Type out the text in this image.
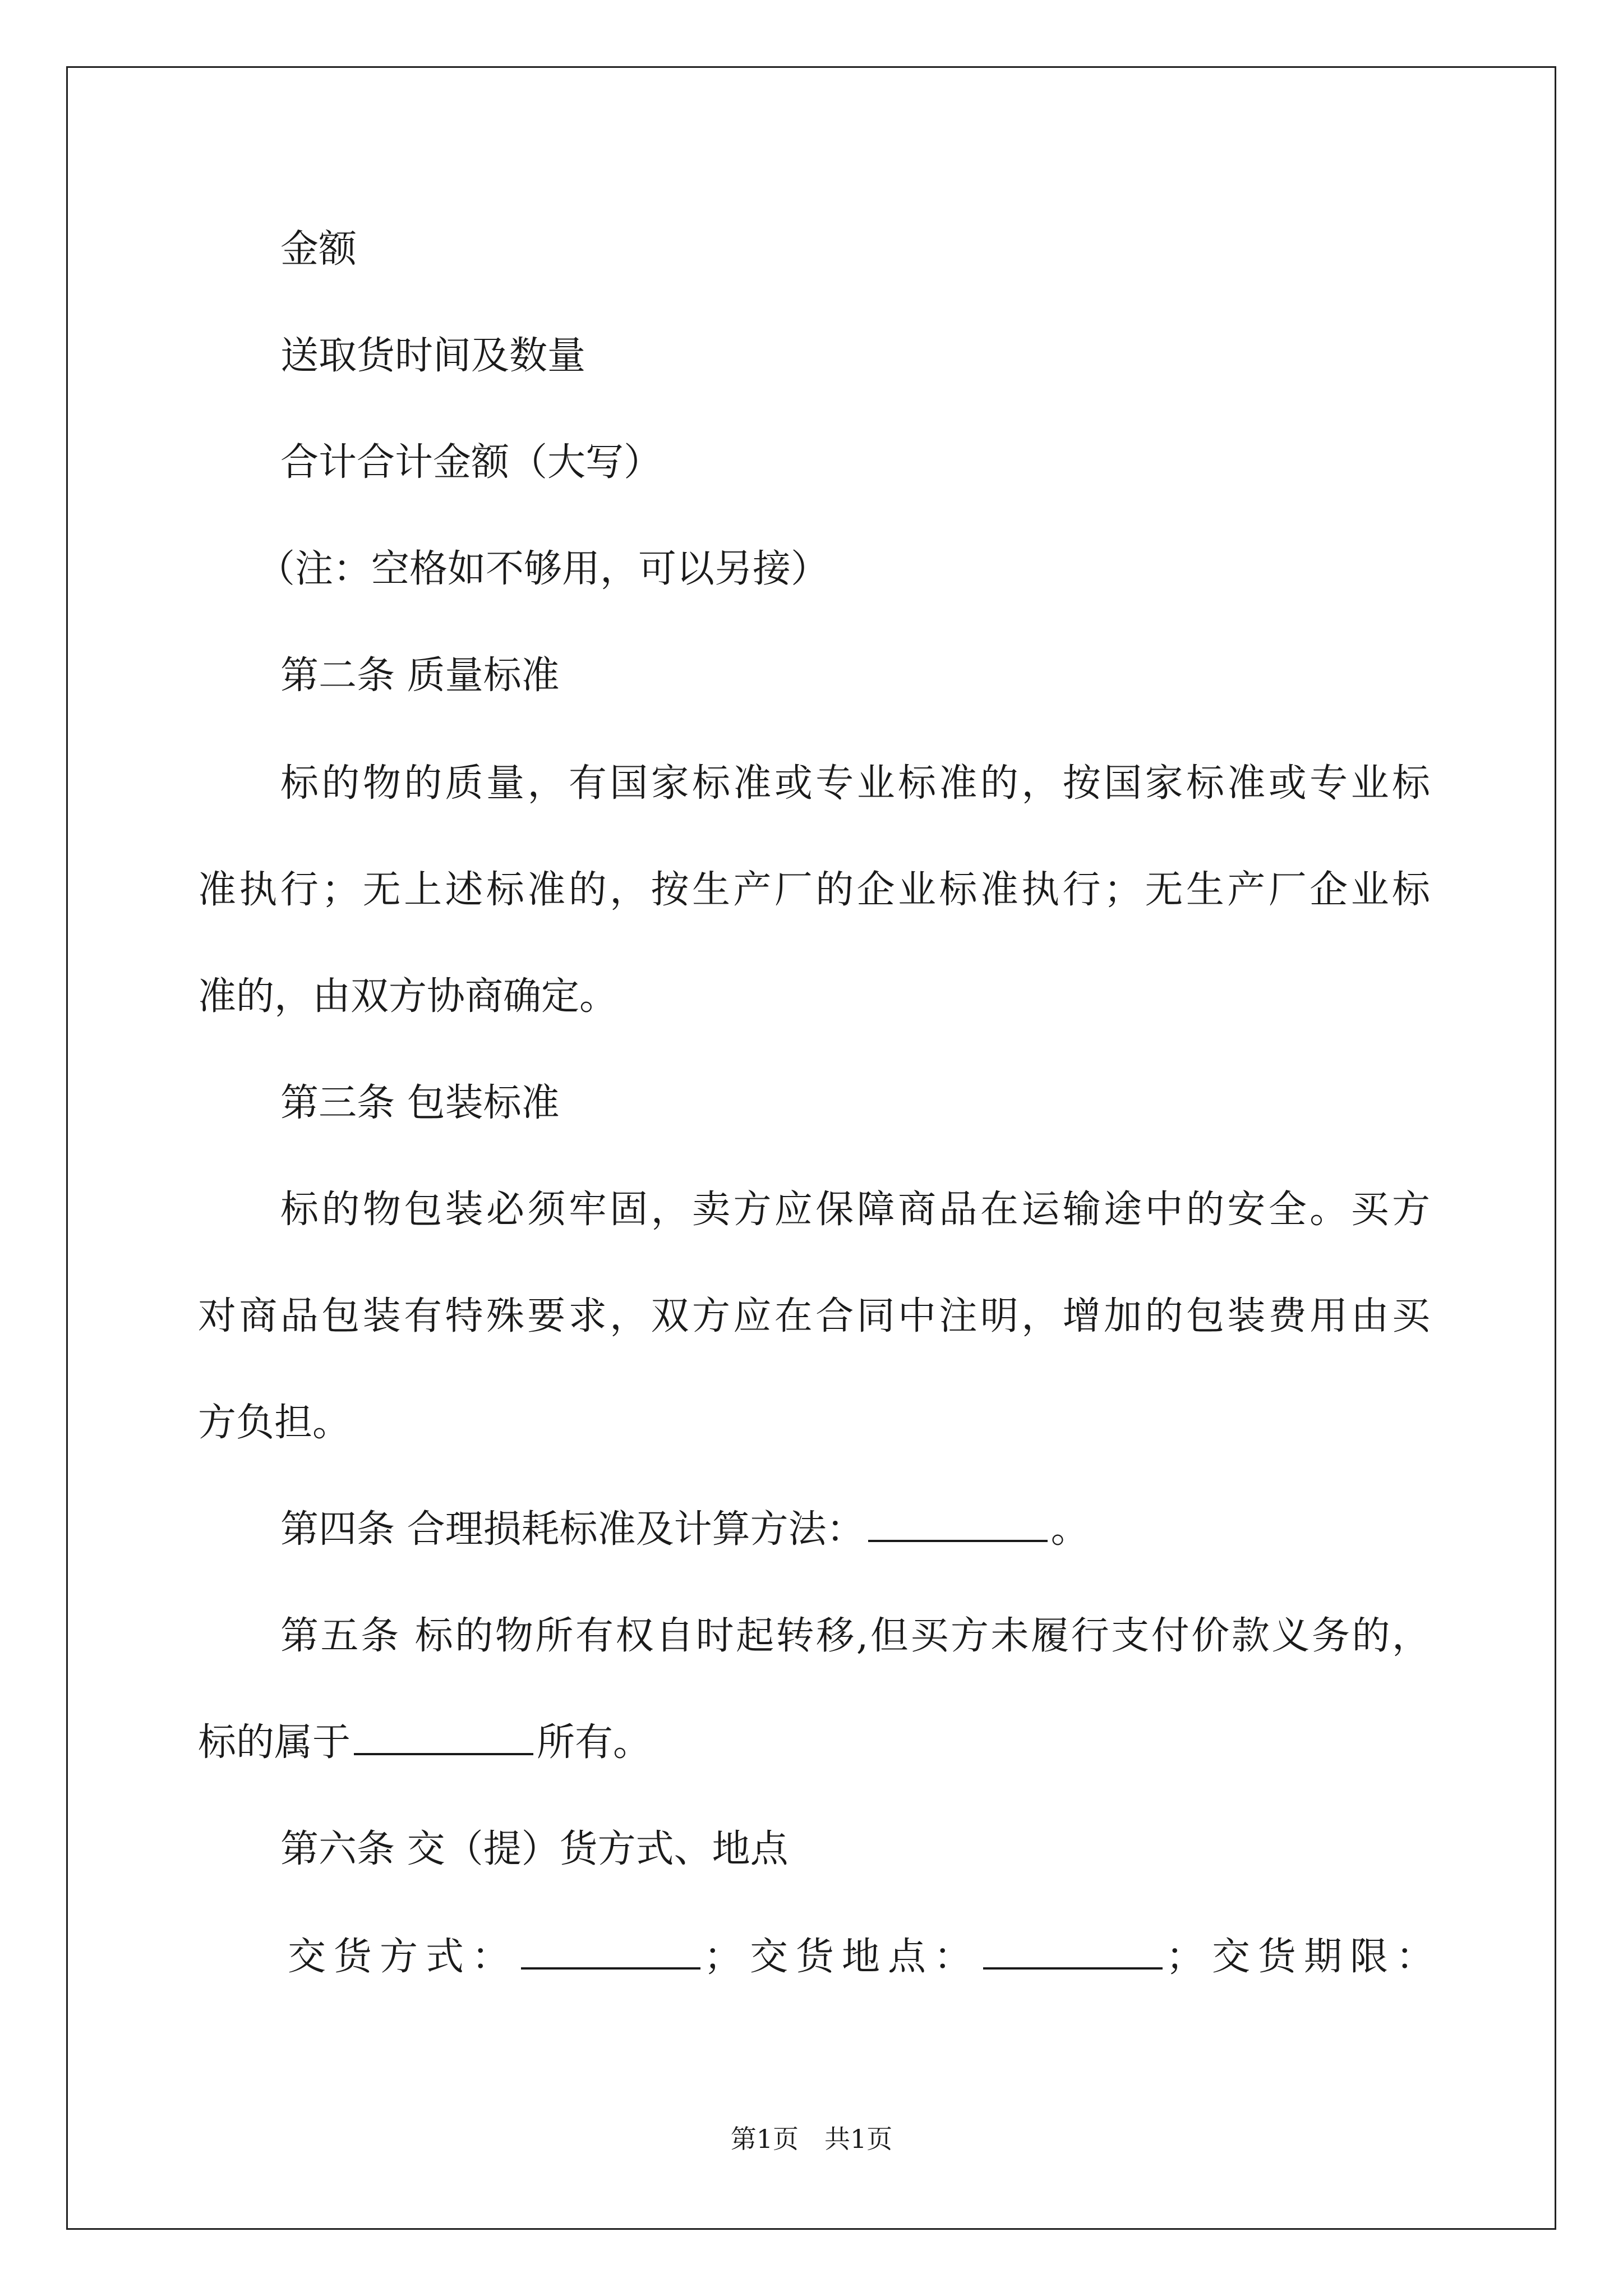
金额
送取货时间及数量
合计合计金额（大写）
（注：空格如不够用，可以另接）
第二条 质量标准
标的物的质量，有国家标准或专业标准的，按国家标准或专业标
准执行；无上述标准的，按生产厂的企业标准执行；无生产厂企业标
准的，由双方协商确定。
第三条 包装标准
标的物包装必须牢固，卖方应保障商品在运输途中的安全。买方
对商品包装有特殊要求，双方应在合同中注明，增加的包装费用由买
方负担。
第四条 合理损耗标准及计算方法：	。
第五条 标的物所有权自时起转移,但买方未履行支付价款义务的，
标的属于	所有。
第六条 交（提）货方式、地点
交货方式：	；交货地点：	；交货期限：
第1页　共1页
